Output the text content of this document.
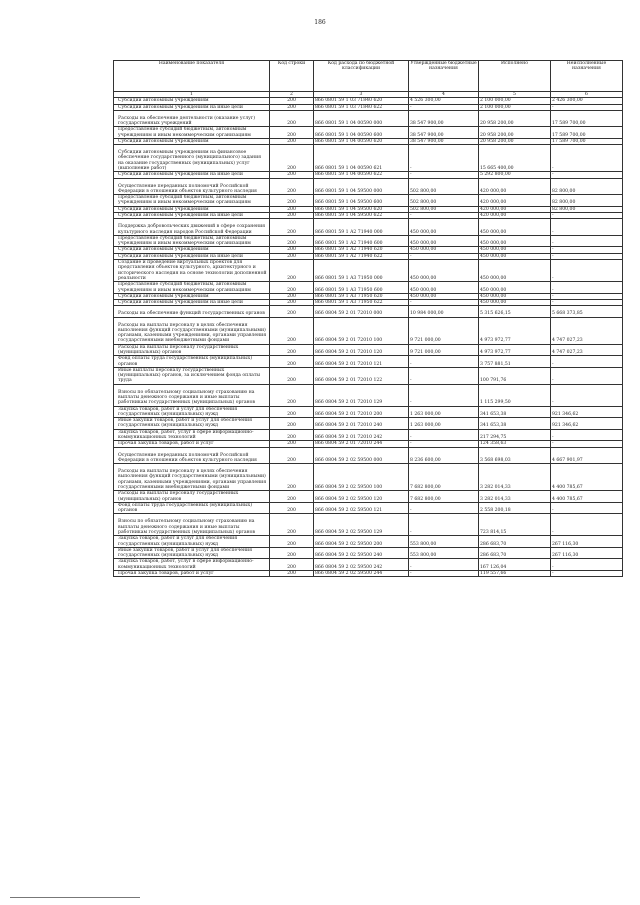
186
Наименование показателя	Код строки	Код расхода по бюджетной классификации	Утвержденные бюджетные назначения	Исполнено	Неисполненные назначения
1	2	3	4	5	6
Субсидии автономным учреждениям	200	866 0801 59 1 03 71840 620	4 526 300,00	2 100 000,00	2 426 300,00
Субсидии автономным учреждениям на иные цели	200	866 0801 59 1 03 71840 622	-	2 100 000,00	-
Расходы на обеспечение деятельности (оказание услуг) государственных учреждений	200	866 0801 59 1 04 00590 000	38 547 900,00	20 958 200,00	17 589 700,00
Предоставление субсидий бюджетным, автономным учреждениям и иным некоммерческим организациям	200	866 0801 59 1 04 00590 600	38 547 900,00	20 958 200,00	17 589 700,00
Субсидии автономным учреждениям	200	866 0801 59 1 04 00590 620	38 547 900,00	20 958 200,00	17 589 700,00
Субсидии автономным учреждениям на финансовое обеспечение государственного (муниципального) задания на оказание государственных (муниципальных) услуг (выполнение работ)	200	866 0801 59 1 04 00590 621	-	15 665 400,00	-
Субсидии автономным учреждениям на иные цели	200	866 0801 59 1 04 00590 622	-	5 292 800,00	-
Осуществление переданных полномочий Российской Федерации в отношении объектов культурного наследия	200	866 0801 59 1 04 59500 000	502 800,00	420 000,00	82 800,00
Предоставление субсидий бюджетным, автономным учреждениям и иным некоммерческим организациям	200	866 0801 59 1 04 59500 600	502 800,00	420 000,00	82 800,00
Субсидии автономным учреждениям	200	866 0801 59 1 04 59500 620	502 800,00	420 000,00	82 800,00
Субсидии автономным учреждениям на иные цели	200	866 0801 59 1 04 59500 622	-	420 000,00	-
Поддержка добровольческих движений в сфере сохранения культурного наследия народов Российской Федерации	200	866 0801 59 1 A2 71940 000	450 000,00	450 000,00	-
Предоставление субсидий бюджетным, автономным учреждениям и иным некоммерческим организациям	200	866 0801 59 1 A2 71940 600	450 000,00	450 000,00	-
Субсидии автономным учреждениям	200	866 0801 59 1 A2 71940 620	450 000,00	450 000,00	-
Субсидии автономным учреждениям на иные цели	200	866 0801 59 1 A2 71940 622	-	450 000,00	-
Создание и проведение виртуальных проектов для представления объектов культурного, архитектурного и исторического наследия на основе технологии дополненной реальности	200	866 0801 59 1 A3 71950 000	450 000,00	450 000,00	-
Предоставление субсидий бюджетным, автономным учреждениям и иным некоммерческим организациям	200	866 0801 59 1 A3 71950 600	450 000,00	450 000,00	-
Субсидии автономным учреждениям	200	866 0801 59 1 A3 71950 620	450 000,00	450 000,00	-
Субсидии автономным учреждениям на иные цели	200	866 0801 59 1 A3 71950 622	-	450 000,00	-
Расходы на обеспечение функций государственных органов	200	866 0804 59 2 01 72010 000	10 984 000,00	5 315 626,15	5 668 373,85
Расходы на выплаты персоналу в целях обеспечения выполнения функций государственными (муниципальными) органами, казенными учреждениями, органами управления государственными внебюджетными фондами	200	866 0804 59 2 01 72010 100	9 721 000,00	4 973 972,77	4 747 027,23
Расходы на выплаты персоналу государственных (муниципальных) органов	200	866 0804 59 2 01 72010 120	9 721 000,00	4 973 972,77	4 747 027,23
Фонд оплаты труда государственных (муниципальных) органов	200	866 0804 59 2 01 72010 121	-	3 757 881,51	-
Иные выплаты персоналу государственных (муниципальных) органов, за исключением фонда оплаты труда	200	866 0804 59 2 01 72010 122	-	100 791,76	-
Взносы по обязательному социальному страхованию на выплаты денежного содержания и иные выплаты работникам государственных (муниципальных) органов	200	866 0804 59 2 01 72010 129	-	1 115 299,50	-
Закупка товаров, работ и услуг для обеспечения государственных (муниципальных) нужд	200	866 0804 59 2 01 72010 200	1 263 000,00	341 653,38	921 346,62
Иные закупки товаров, работ и услуг для обеспечения государственных (муниципальных) нужд	200	866 0804 59 2 01 72010 240	1 263 000,00	341 653,38	921 346,62
Закупка товаров, работ, услуг в сфере информационно-коммуникационных технологий	200	866 0804 59 2 01 72010 242	-	217 294,75	-
Прочая закупка товаров, работ и услуг	200	866 0804 59 2 01 72010 244	-	124 358,63	-
Осуществление переданных полномочий Российской Федерации в отношении объектов культурного наследия	200	866 0804 59 2 02 59500 000	8 236 600,00	3 568 698,03	4 667 901,97
Расходы на выплаты персоналу в целях обеспечения выполнения функций государственными (муниципальными) органами, казенными учреждениями, органами управления государственными внебюджетными фондами	200	866 0804 59 2 02 59500 100	7 682 800,00	3 282 014,33	4 400 785,67
Расходы на выплаты персоналу государственных (муниципальных) органов	200	866 0804 59 2 02 59500 120	7 682 800,00	3 282 014,33	4 400 785,67
Фонд оплаты труда государственных (муниципальных) органов	200	866 0804 59 2 02 59500 121	-	2 558 200,18	-
Взносы по обязательному социальному страхованию на выплаты денежного содержания и иные выплаты работникам государственных (муниципальных) органов	200	866 0804 59 2 02 59500 129	-	723 814,15	-
Закупка товаров, работ и услуг для обеспечения государственных (муниципальных) нужд	200	866 0804 59 2 02 59500 200	553 800,00	286 683,70	267 116,30
Иные закупки товаров, работ и услуг для обеспечения государственных (муниципальных) нужд	200	866 0804 59 2 02 59500 240	553 800,00	286 683,70	267 116,30
Закупка товаров, работ, услуг в сфере информационно-коммуникационных технологий	200	866 0804 59 2 02 59500 242	-	167 126,04	-
Прочая закупка товаров, работ и услуг	200	866 0804 59 2 02 59500 244	-	119 557,66	-
